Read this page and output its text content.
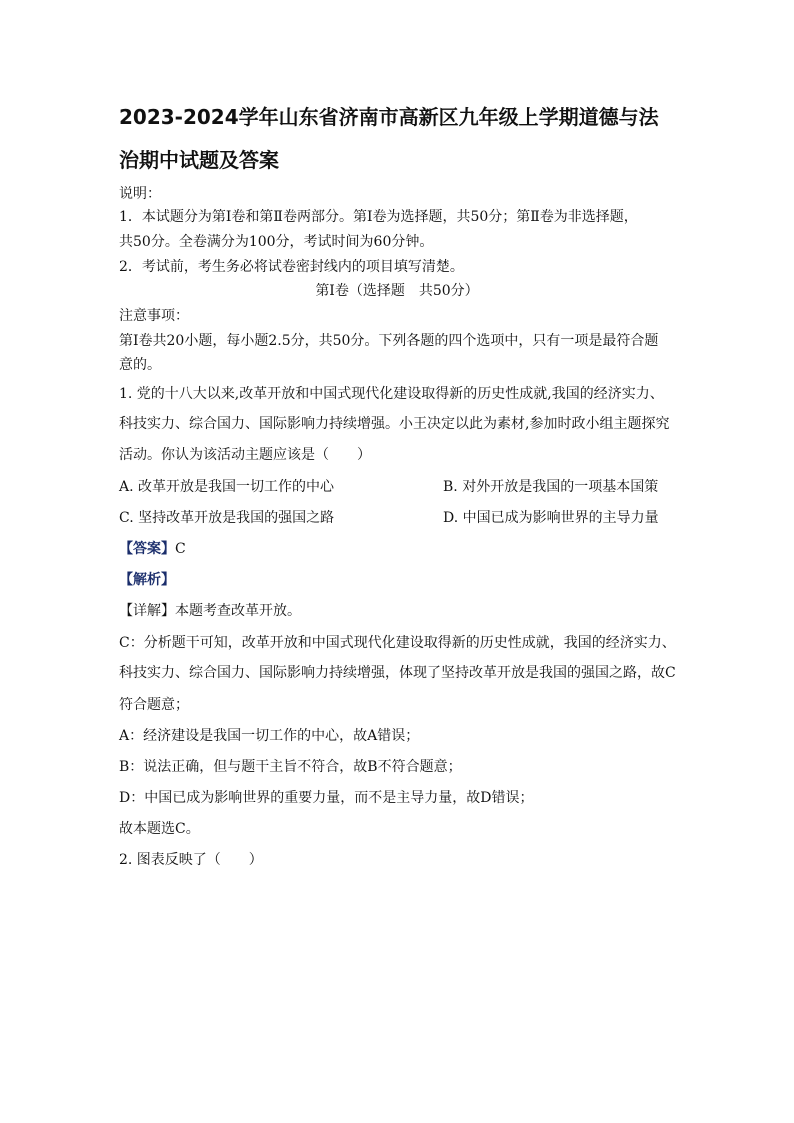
2023-2024学年山东省济南市高新区九年级上学期道德与法
治期中试题及答案

说明：

1．本试题分为第Ⅰ卷和第Ⅱ卷两部分。第Ⅰ卷为选择题，共50分；第Ⅱ卷为非选择题，

共50分。全卷满分为100分，考试时间为60分钟。

2．考试前，考生务必将试卷密封线内的项目填写清楚。

第Ⅰ卷（选择题　共50分）

注意事项：

第Ⅰ卷共20小题，每小题2.5分，共50分。下列各题的四个选项中，只有一项是最符合题

意的。

1. 党的十八大以来,改革开放和中国式现代化建设取得新的历史性成就,我国的经济实力、

科技实力、综合国力、国际影响力持续增强。小王决定以此为素材,参加时政小组主题探究

活动。你认为该活动主题应该是（　　）

A. 改革开放是我国一切工作的中心	B. 对外开放是我国的一项基本国策
C. 坚持改革开放是我国的强国之路	D. 中国已成为影响世界的主导力量

【答案】C

【解析】

【详解】本题考查改革开放。

C：分析题干可知，改革开放和中国式现代化建设取得新的历史性成就，我国的经济实力、

科技实力、综合国力、国际影响力持续增强，体现了坚持改革开放是我国的强国之路，故C

符合题意；

A：经济建设是我国一切工作的中心，故A错误；

B：说法正确，但与题干主旨不符合，故B不符合题意；

D：中国已成为影响世界的重要力量，而不是主导力量，故D错误；

故本题选C。

2. 图表反映了（　　）
